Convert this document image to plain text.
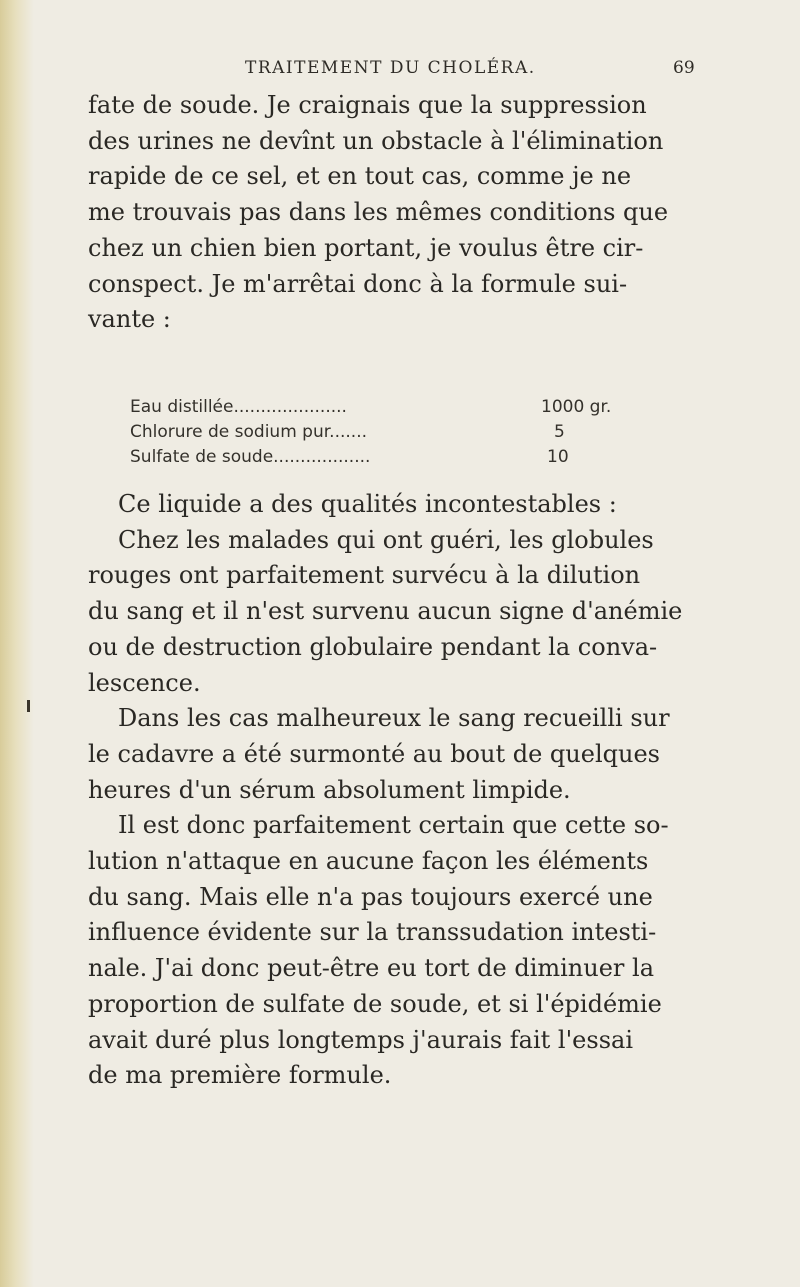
TRAITEMENT DU CHOLÉRA.	69
fate de soude. Je craignais que la suppression
des urines ne devînt un obstacle à l'élimination
rapide de ce sel, et en tout cas, comme je ne
me trouvais pas dans les mêmes conditions que
chez un chien bien portant, je voulus être cir-
conspect. Je m'arrêtai donc à la formule sui-
vante :
Eau distillée.....................	1000 gr.
Chlorure de sodium pur.......	5
Sulfate de soude..................	10
Ce liquide a des qualités incontestables :
Chez les malades qui ont guéri, les globules
rouges ont parfaitement survécu à la dilution
du sang et il n'est survenu aucun signe d'anémie
ou de destruction globulaire pendant la conva-
lescence.
Dans les cas malheureux le sang recueilli sur
le cadavre a été surmonté au bout de quelques
heures d'un sérum absolument limpide.
Il est donc parfaitement certain que cette so-
lution n'attaque en aucune façon les éléments
du sang. Mais elle n'a pas toujours exercé une
influence évidente sur la transsudation intesti-
nale. J'ai donc peut-être eu tort de diminuer la
proportion de sulfate de soude, et si l'épidémie
avait duré plus longtemps j'aurais fait l'essai
de ma première formule.
